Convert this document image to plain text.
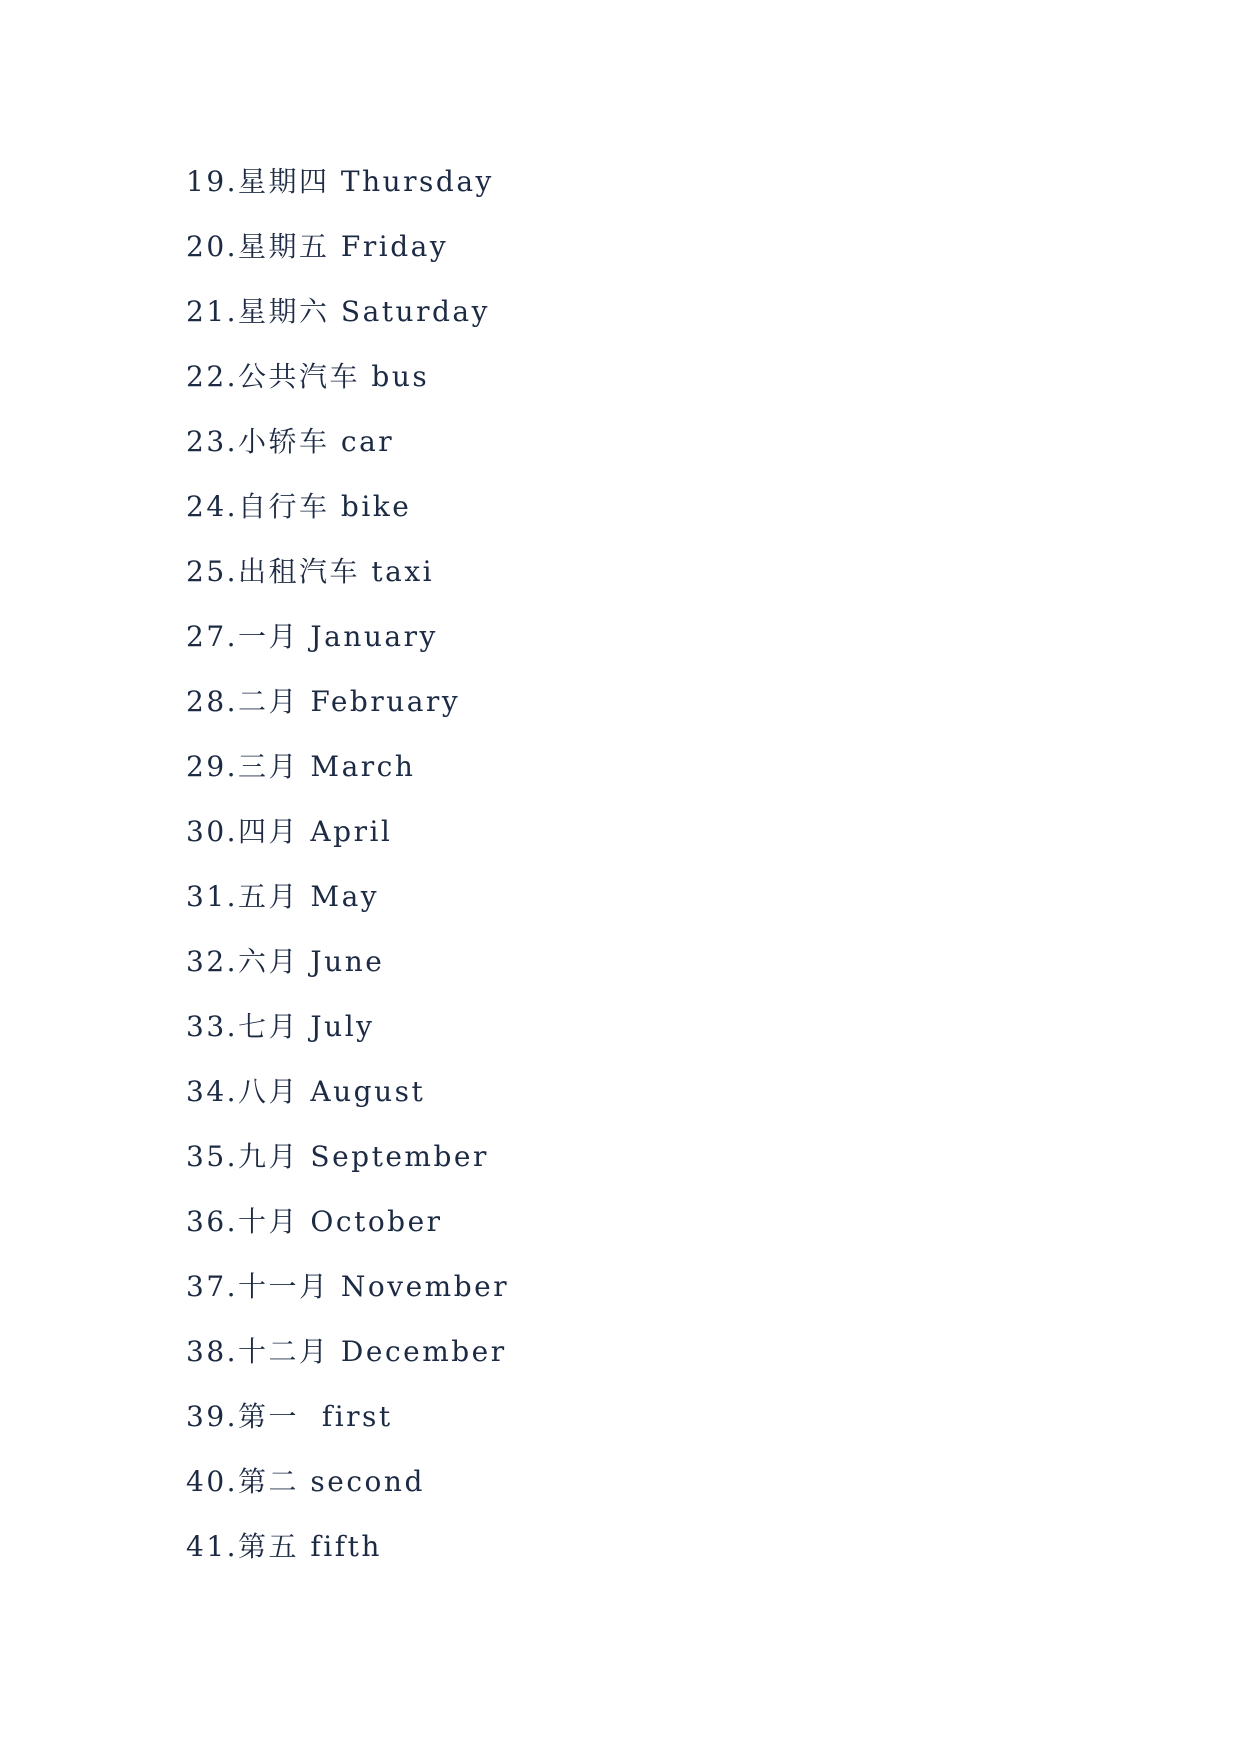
19.星期四 Thursday
20.星期五 Friday
21.星期六 Saturday
22.公共汽车 bus
23.小轿车 car
24.自行车 bike
25.出租汽车 taxi
27.一月 January
28.二月 February
29.三月 March
30.四月 April
31.五月 May
32.六月 June
33.七月 July
34.八月 August
35.九月 September
36.十月 October
37.十一月 November
38.十二月 December
39.第一  first
40.第二 second
41.第五 fifth
